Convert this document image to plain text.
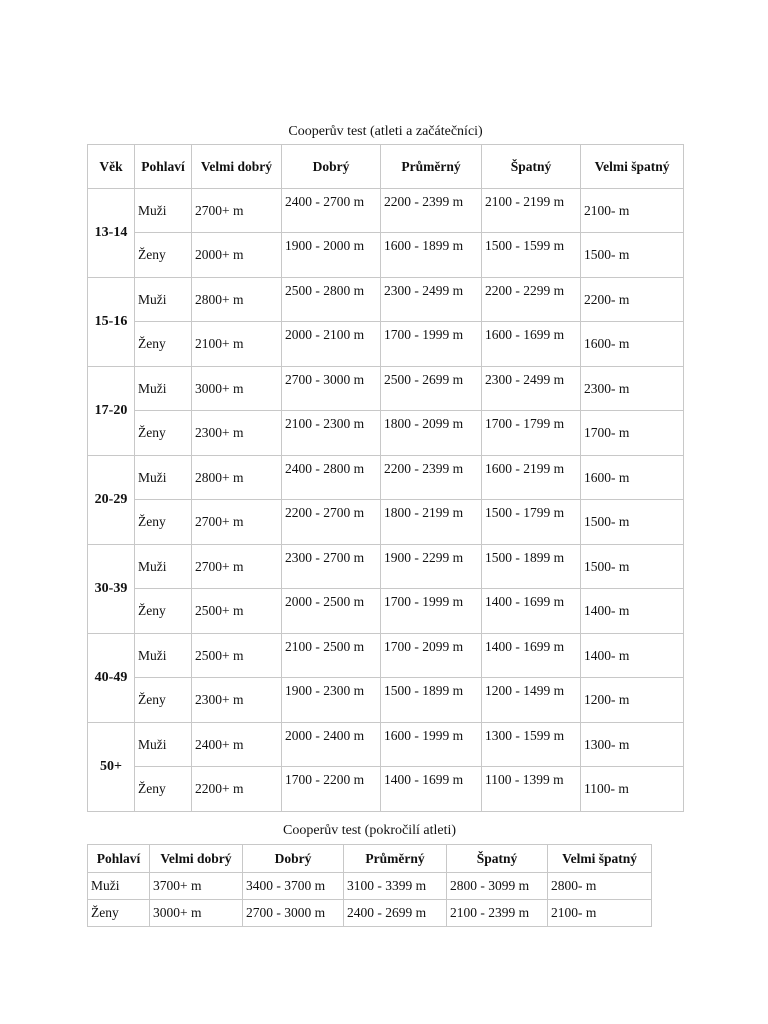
Cooperův test (atleti a začátečníci)						
Věk	Pohlaví	Velmi dobrý	Dobrý	Průměrný	Špatný	Velmi špatný
13-14	Muži	2700+ m	2400 - 2700 m	2200 - 2399 m	2100 - 2199 m	2100- m
	Ženy	2000+ m	1900 - 2000 m	1600 - 1899 m	1500 - 1599 m	1500- m
15-16	Muži	2800+ m	2500 - 2800 m	2300 - 2499 m	2200 - 2299 m	2200- m
	Ženy	2100+ m	2000 - 2100 m	1700 - 1999 m	1600 - 1699 m	1600- m
17-20	Muži	3000+ m	2700 - 3000 m	2500 - 2699 m	2300 - 2499 m	2300- m
	Ženy	2300+ m	2100 - 2300 m	1800 - 2099 m	1700 - 1799 m	1700- m
20-29	Muži	2800+ m	2400 - 2800 m	2200 - 2399 m	1600 - 2199 m	1600- m
	Ženy	2700+ m	2200 - 2700 m	1800 - 2199 m	1500 - 1799 m	1500- m
30-39	Muži	2700+ m	2300 - 2700 m	1900 - 2299 m	1500 - 1899 m	1500- m
	Ženy	2500+ m	2000 - 2500 m	1700 - 1999 m	1400 - 1699 m	1400- m
40-49	Muži	2500+ m	2100 - 2500 m	1700 - 2099 m	1400 - 1699 m	1400- m
	Ženy	2300+ m	1900 - 2300 m	1500 - 1899 m	1200 - 1499 m	1200- m
50+	Muži	2400+ m	2000 - 2400 m	1600 - 1999 m	1300 - 1599 m	1300- m
	Ženy	2200+ m	1700 - 2200 m	1400 - 1699 m	1100 - 1399 m	1100- m
Cooperův test (pokročilí atleti)					
Pohlaví	Velmi dobrý	Dobrý	Průměrný	Špatný	Velmi špatný
Muži	3700+ m	3400 - 3700 m	3100 - 3399 m	2800 - 3099 m	2800- m
Ženy	3000+ m	2700 - 3000 m	2400 - 2699 m	2100 - 2399 m	2100- m
